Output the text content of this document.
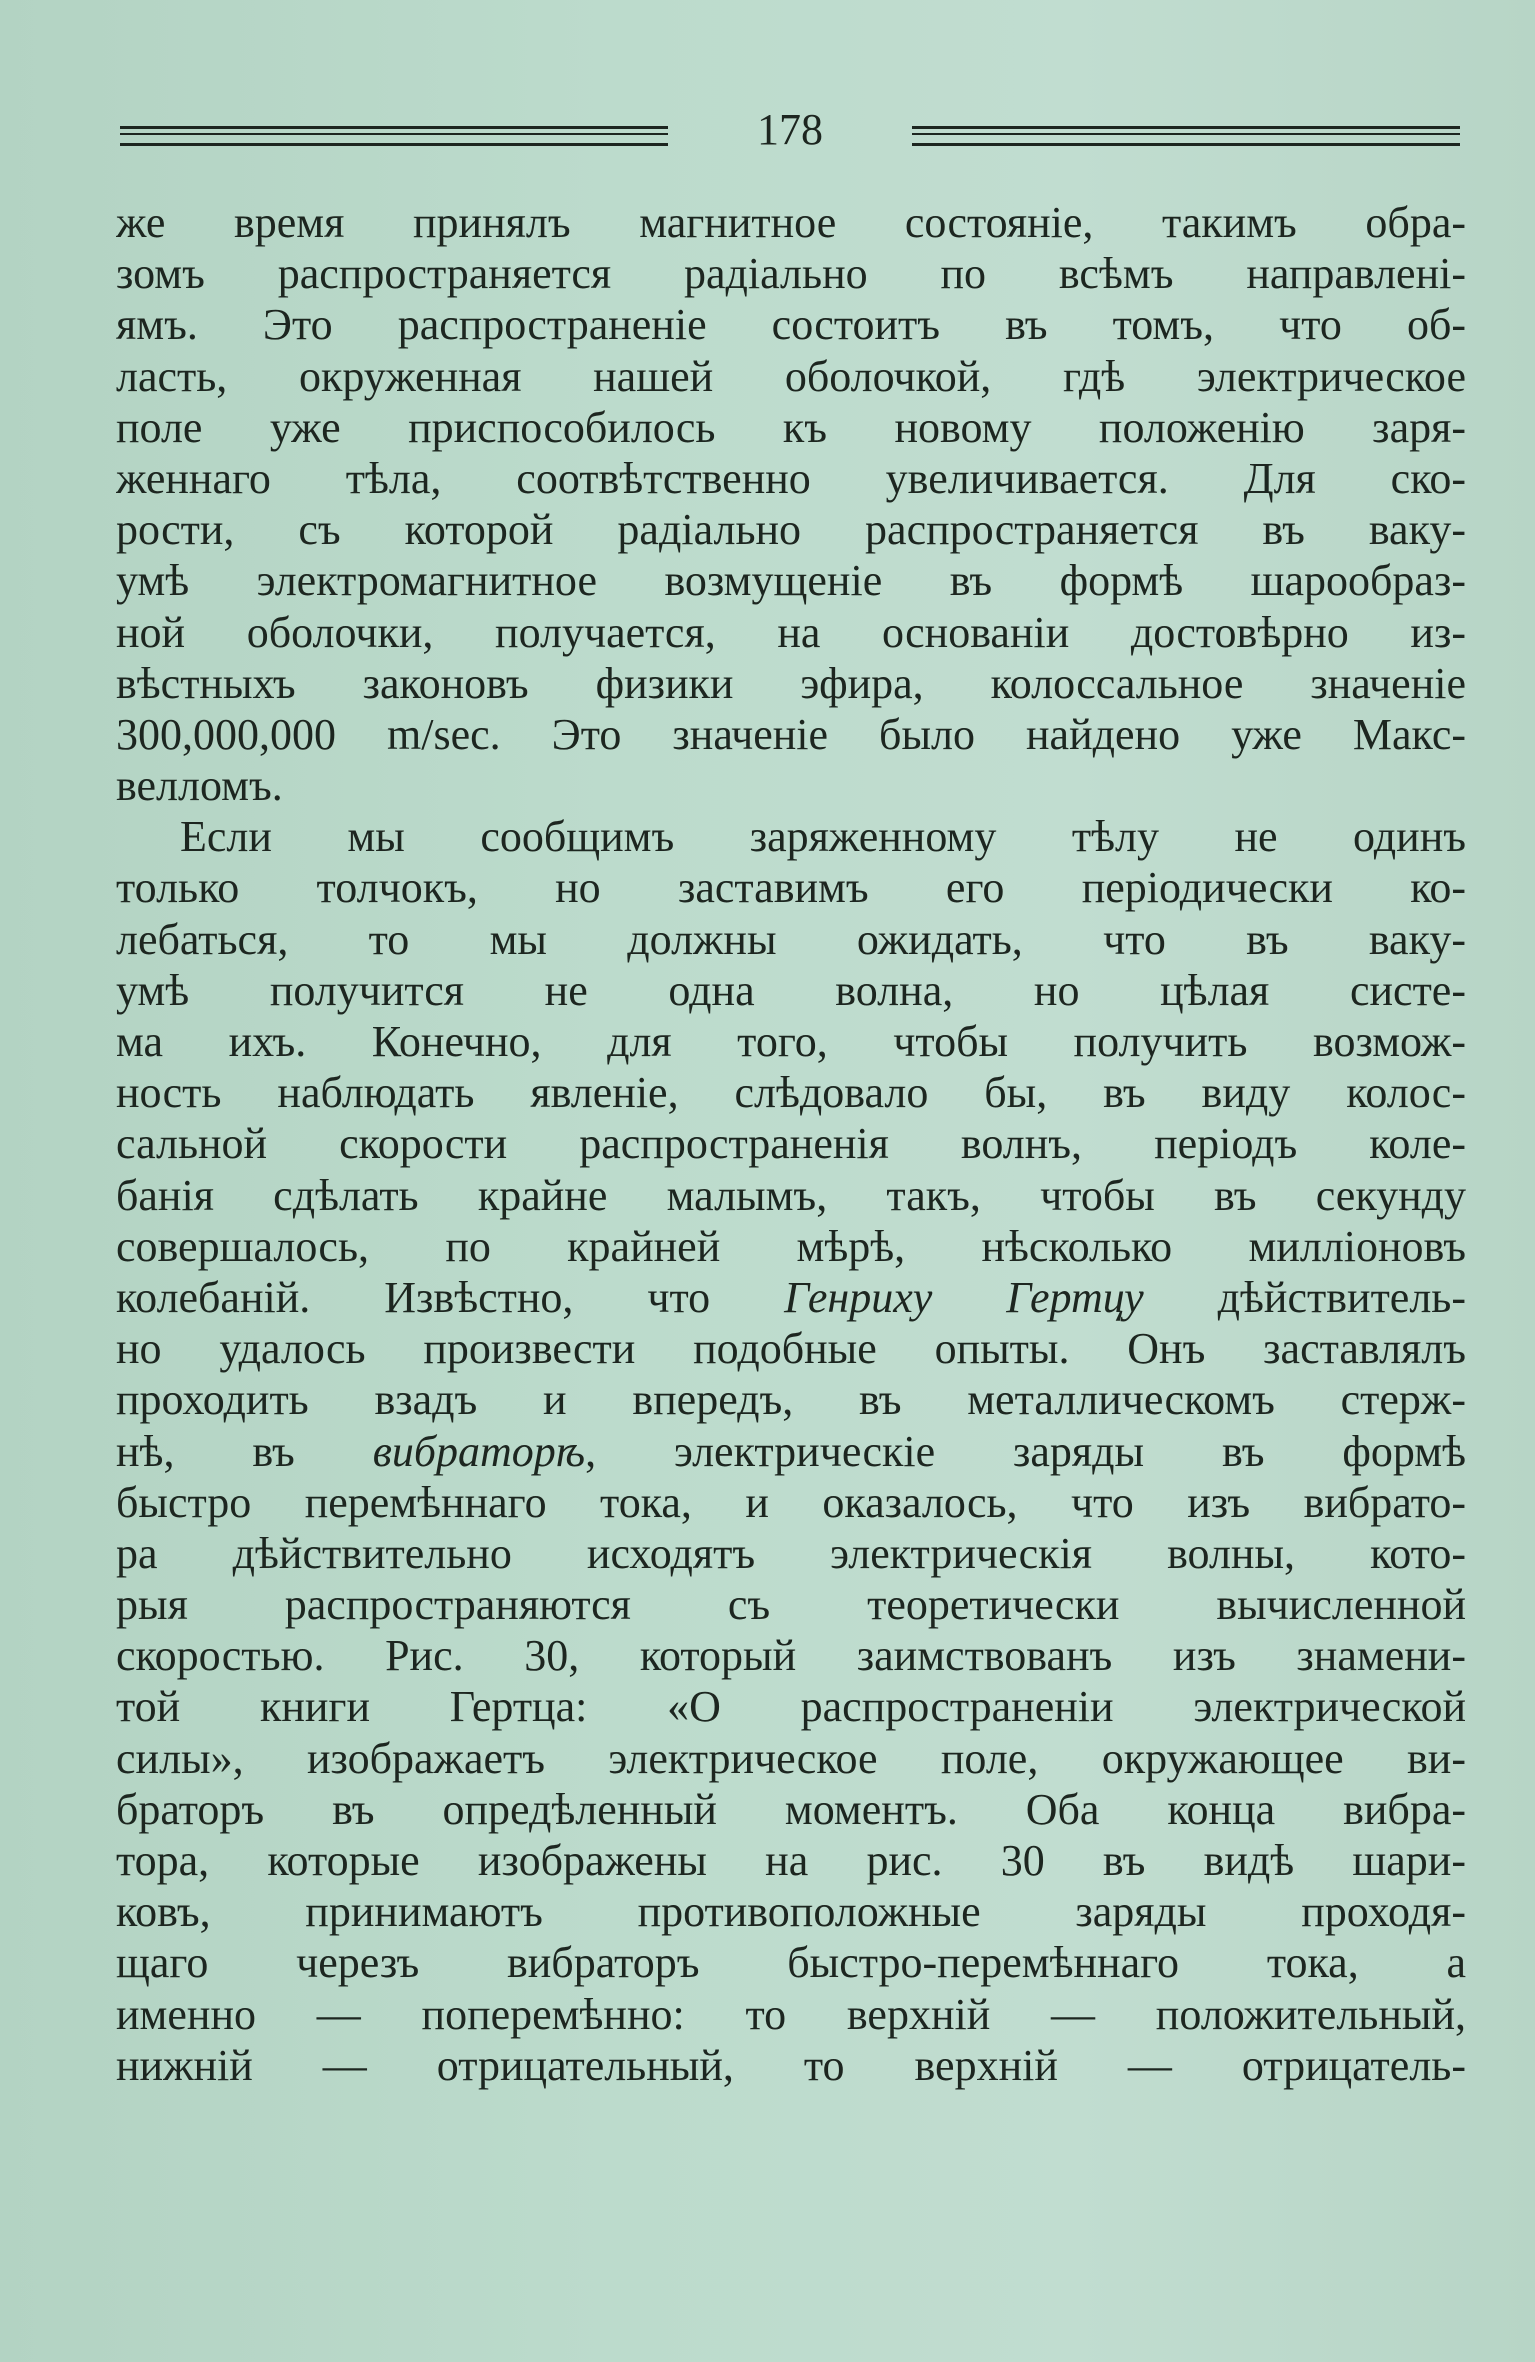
178
же время принялъ магнитное состоянiе, такимъ обра-
зомъ распространяется радiально по всѣмъ направленi-
ямъ. Это распространенiе состоитъ въ томъ, что об-
ласть, окруженная нашей оболочкой, гдѣ электрическое
поле уже приспособилось къ новому положенiю заря-
женнаго тѣла, соотвѣтственно увеличивается. Для ско-
рости, съ которой радiально распространяется въ ваку-
умѣ электромагнитное возмущенiе въ формѣ шарообраз-
ной оболочки, получается, на основанiи достовѣрно из-
вѣстныхъ законовъ физики эфира, колоссальное значенiе
300,000,000 m/sec. Это значенiе было найдено уже Макс-
велломъ.
Если мы сообщимъ заряженному тѣлу не одинъ
только толчокъ, но заставимъ его перiодически ко-
лебаться, то мы должны ожидать, что въ ваку-
умѣ получится не одна волна, но цѣлая систе-
ма ихъ. Конечно, для того, чтобы получить возмож-
ность наблюдать явленiе, слѣдовало бы, въ виду колос-
сальной скорости распространенiя волнъ, перiодъ коле-
банiя сдѣлать крайне малымъ, такъ, чтобы въ секунду
совершалось, по крайней мѣрѣ, нѣсколько миллiоновъ
колебанiй. Извѣстно, что Генриху Гертцу дѣйствитель-
но удалось произвести подобные опыты. Онъ заставлялъ
проходить взадъ и впередъ, въ металлическомъ стерж-
нѣ, въ вибраторѣ, электрическiе заряды въ формѣ
быстро перемѣннаго тока, и оказалось, что изъ вибрато-
ра дѣйствительно исходятъ электрическiя волны, кото-
рыя распространяются съ теоретически вычисленной
скоростью. Рис. 30, который заимствованъ изъ знамени-
той книги Гертца: «О распространенiи электрической
силы», изображаетъ электрическое поле, окружающее ви-
браторъ въ опредѣленный моментъ. Оба конца вибра-
тора, которые изображены на рис. 30 въ видѣ шари-
ковъ, принимаютъ противоположные заряды проходя-
щаго черезъ вибраторъ быстро-перемѣннаго тока, а
именно — поперемѣнно: то верхнiй — положительный,
нижнiй — отрицательный, то верхнiй — отрицатель-
